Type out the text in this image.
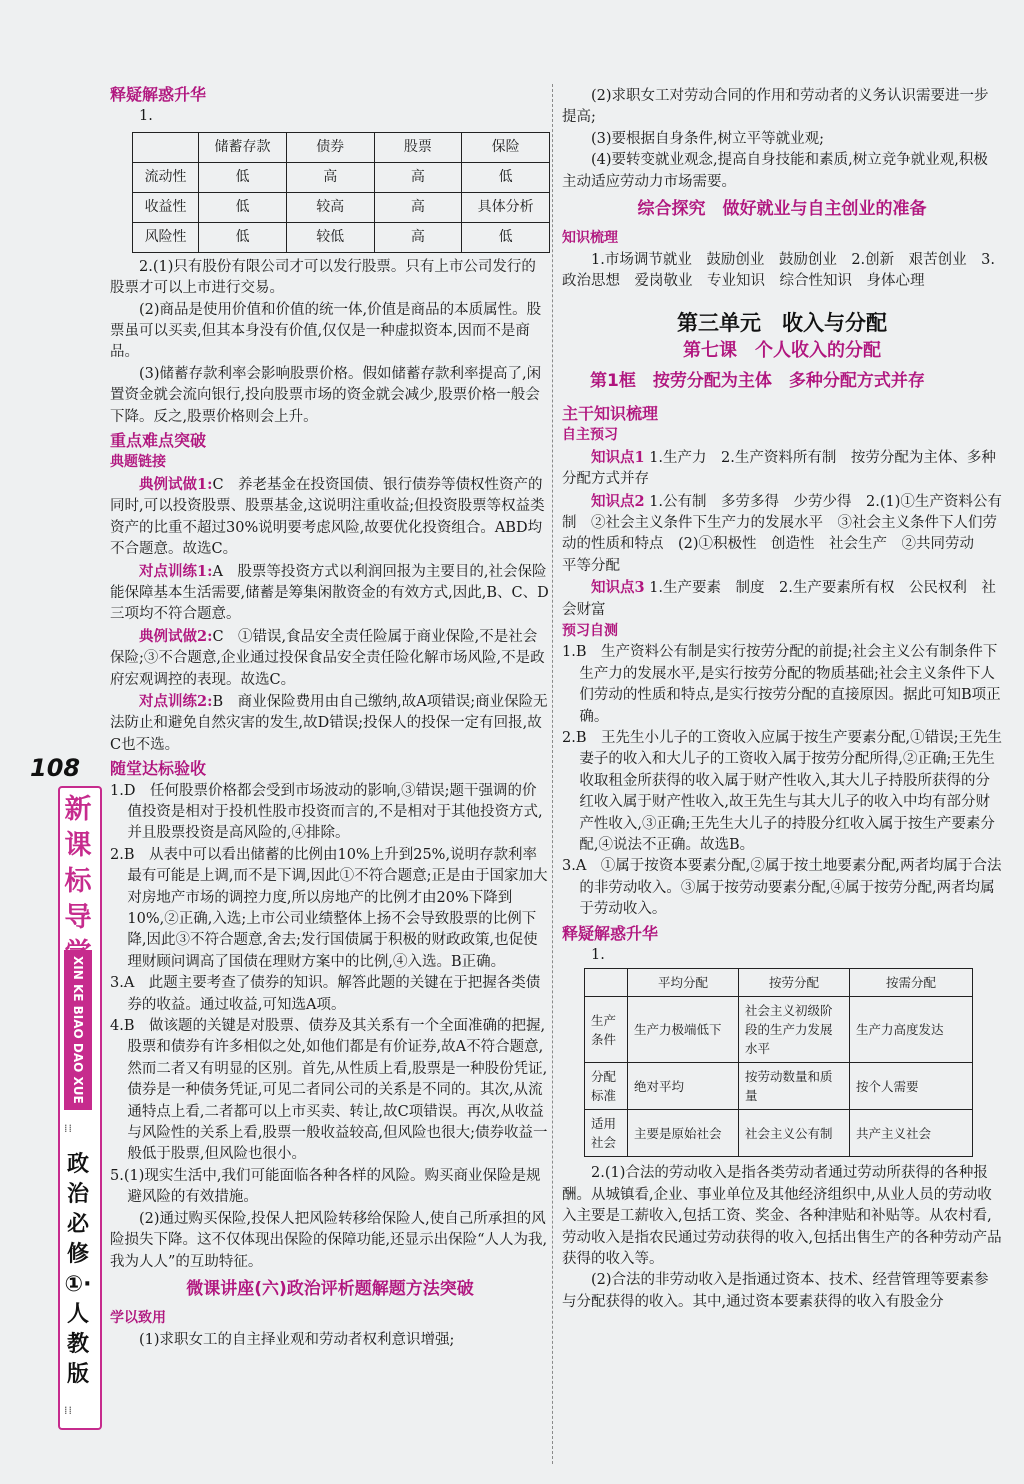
释疑解惑升华

1.

	储蓄存款	债券	股票	保险
流动性	低	高	高	低
收益性	低	较高	高	具体分析
风险性	低	较低	高	低

2.(1)只有股份有限公司才可以发行股票。只有上市公司发行的股票才可以上市进行交易。

(2)商品是使用价值和价值的统一体,价值是商品的本质属性。股票虽可以买卖,但其本身没有价值,仅仅是一种虚拟资本,因而不是商品。

(3)储蓄存款利率会影响股票价格。假如储蓄存款利率提高了,闲置资金就会流向银行,投向股票市场的资金就会减少,股票价格一般会下降。反之,股票价格则会上升。

重点难点突破
典题链接

典例试做1:C　养老基金在投资国债、银行债券等债权性资产的同时,可以投资股票、股票基金,这说明注重收益;但投资股票等权益类资产的比重不超过30%说明要考虑风险,故要优化投资组合。ABD均不合题意。故选C。

对点训练1:A　股票等投资方式以利润回报为主要目的,社会保险能保障基本生活需要,储蓄是筹集闲散资金的有效方式,因此,B、C、D三项均不符合题意。

典例试做2:C　①错误,食品安全责任险属于商业保险,不是社会保险;③不合题意,企业通过投保食品安全责任险化解市场风险,不是政府宏观调控的表现。故选C。

对点训练2:B　商业保险费用由自己缴纳,故A项错误;商业保险无法防止和避免自然灾害的发生,故D错误;投保人的投保一定有回报,故C也不选。

随堂达标验收

1.D　任何股票价格都会受到市场波动的影响,③错误;题干强调的价值投资是相对于投机性股市投资而言的,不是相对于其他投资方式,并且股票投资是高风险的,④排除。

2.B　从表中可以看出储蓄的比例由10%上升到25%,说明存款利率最有可能是上调,而不是下调,因此①不符合题意;正是由于国家加大对房地产市场的调控力度,所以房地产的比例才由20%下降到10%,②正确,入选;上市公司业绩整体上扬不会导致股票的比例下降,因此③不符合题意,舍去;发行国债属于积极的财政政策,也促使理财顾问调高了国债在理财方案中的比例,④入选。B正确。

3.A　此题主要考查了债券的知识。解答此题的关键在于把握各类债券的收益。通过收益,可知选A项。

4.B　做该题的关键是对股票、债券及其关系有一个全面准确的把握,股票和债券有许多相似之处,如他们都是有价证券,故A不符合题意,然而二者又有明显的区别。首先,从性质上看,股票是一种股份凭证,债券是一种债务凭证,可见二者同公司的关系是不同的。其次,从流通特点上看,二者都可以上市买卖、转让,故C项错误。再次,从收益与风险性的关系上看,股票一般收益较高,但风险也很大;债券收益一般低于股票,但风险也很小。

5.(1)现实生活中,我们可能面临各种各样的风险。购买商业保险是规避风险的有效措施。

(2)通过购买保险,投保人把风险转移给保险人,使自己所承担的风险损失下降。这不仅体现出保险的保障功能,还显示出保险“人人为我,我为人人”的互助特征。

微课讲座(六)政治评析题解题方法突破
学以致用

(1)求职女工的自主择业观和劳动者权利意识增强;

(2)求职女工对劳动合同的作用和劳动者的义务认识需要进一步提高;

(3)要根据自身条件,树立平等就业观;

(4)要转变就业观念,提高自身技能和素质,树立竞争就业观,积极主动适应劳动力市场需要。

综合探究　做好就业与自主创业的准备
知识梳理

1.市场调节就业　鼓励创业　鼓励创业　2.创新　艰苦创业　3.政治思想　爱岗敬业　专业知识　综合性知识　身体心理

第三单元　收入与分配
第七课　个人收入的分配
第1框　按劳分配为主体　多种分配方式并存
主干知识梳理
自主预习

知识点1 1.生产力　2.生产资料所有制　按劳分配为主体、多种分配方式并存

知识点2 1.公有制　多劳多得　少劳少得　2.(1)①生产资料公有制　②社会主义条件下生产力的发展水平　③社会主义条件下人们劳动的性质和特点　(2)①积极性　创造性　社会生产　②共同劳动　平等分配

知识点3 1.生产要素　制度　2.生产要素所有权　公民权利　社会财富

预习自测

1.B　生产资料公有制是实行按劳分配的前提;社会主义公有制条件下生产力的发展水平,是实行按劳分配的物质基础;社会主义条件下人们劳动的性质和特点,是实行按劳分配的直接原因。据此可知B项正确。

2.B　王先生小儿子的工资收入应属于按生产要素分配,①错误;王先生妻子的收入和大儿子的工资收入属于按劳分配所得,②正确;王先生收取租金所获得的收入属于财产性收入,其大儿子持股所获得的分红收入属于财产性收入,故王先生与其大儿子的收入中均有部分财产性收入,③正确;王先生大儿子的持股分红收入属于按生产要素分配,④说法不正确。故选B。

3.A　①属于按资本要素分配,②属于按土地要素分配,两者均属于合法的非劳动收入。③属于按劳动要素分配,④属于按劳分配,两者均属于劳动收入。

释疑解惑升华

1.

	平均分配	按劳分配	按需分配
生产条件	生产力极端低下	社会主义初级阶段的生产力发展水平	生产力高度发达
分配标准	绝对平均	按劳动数量和质量	按个人需要
适用社会	主要是原始社会	社会主义公有制	共产主义社会

2.(1)合法的劳动收入是指各类劳动者通过劳动所获得的各种报酬。从城镇看,企业、事业单位及其他经济组织中,从业人员的劳动收入主要是工薪收入,包括工资、奖金、各种津贴和补贴等。从农村看,劳动收入是指农民通过劳动获得的收入,包括出售生产的各种劳动产品获得的收入等。

(2)合法的非劳动收入是指通过资本、技术、经营管理等要素参与分配获得的收入。其中,通过资本要素获得的收入有股金分

108
新课标导
XIN KE BIAO DAO XUE
⁞⁞
政治必修①·人教版
⁞⁞
